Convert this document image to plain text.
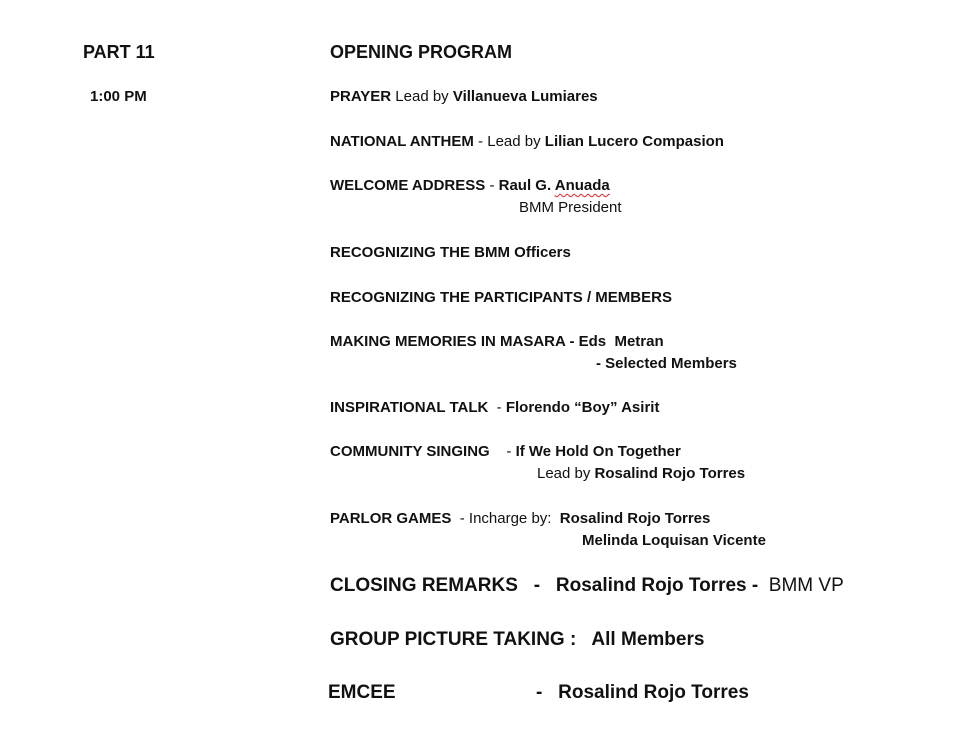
PART 11
1:00 PM
OPENING PROGRAM
PRAYER Lead by Villanueva Lumiares
NATIONAL ANTHEM - Lead by Lilian Lucero Compasion
WELCOME ADDRESS - Raul G. Anuada
BMM President
RECOGNIZING THE BMM Officers
RECOGNIZING THE PARTICIPANTS / MEMBERS
MAKING MEMORIES IN MASARA - Eds  Metran
- Selected Members
INSPIRATIONAL TALK  - Florendo “Boy” Asirit
COMMUNITY SINGING    - If We Hold On Together
Lead by Rosalind Rojo Torres
PARLOR GAMES  - Incharge by:  Rosalind Rojo Torres
Melinda Loquisan Vicente
CLOSING REMARKS   -   Rosalind Rojo Torres -  BMM VP
GROUP PICTURE TAKING :   All Members
EMCEE	-   Rosalind Rojo Torres
